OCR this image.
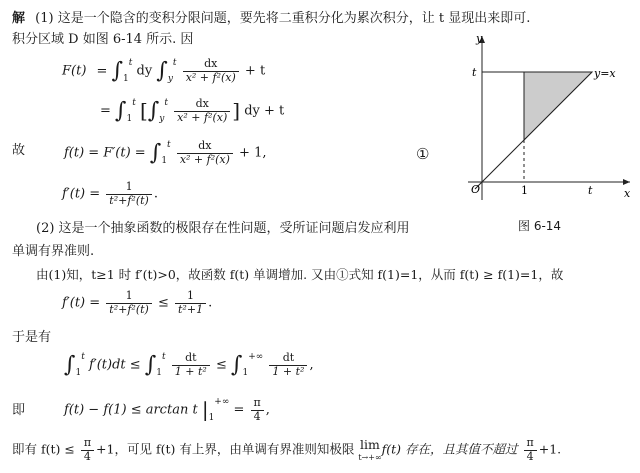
解 (1) 这是一个隐含的变积分限问题，要先将二重积分化为累次积分，让 t 显现出来即可.
积分区域 D 如图 6-14 所示. 因
$F(t) = \int 1^t$ dy $\int y^t \frac{dx}{\text{x² + f²(x)}} + t$
= $\int 1^t$ [$\int y^t \frac{dx}{\text{x² + f²(x)}}$ ] dy + t
故	$f(t) = F'(t) = \int 1^t \frac{dx}{\text{x² + f²(x)}} + 1$,	①
$f'(t) = \frac{1}{\text{t²+f²(t)}}$ .
(2) 这是一个抽象函数的极限存在性问题，受所证问题启发应利用
单调有界准则.
由(1)知，t≥1 时 f′(t)>0，故函数 f(t) 单调增加. 又由①式知 f(1)=1，从而 f(t) ≥ f(1)=1，故
$f'(t) = \frac{1}{\text{t²+f²(t)}} \le \frac{1}{\text{t²+1}}$ .
于是有
∫1$^t$ $f'(t)dt \le \int 1^t \frac{dt}{\text{1 + t²}} \le \int 1^{+\infty} \frac{dt}{\text{1 + t²}}$ ,
即	f(t) − f(1) ≤ arctan t $|1^{+\infty} = \frac{\pi}{4}$ ,
即有 $f(t) \le \frac{\pi}{4} +1$，可见 f(t) 有上界，由单调有界准则知极限 lim
t→+∞
f(t) 存在，且其值不超过 $\frac{\pi}{4} +1$.
y
x
O	1	t
t	y=x
图 6-14
